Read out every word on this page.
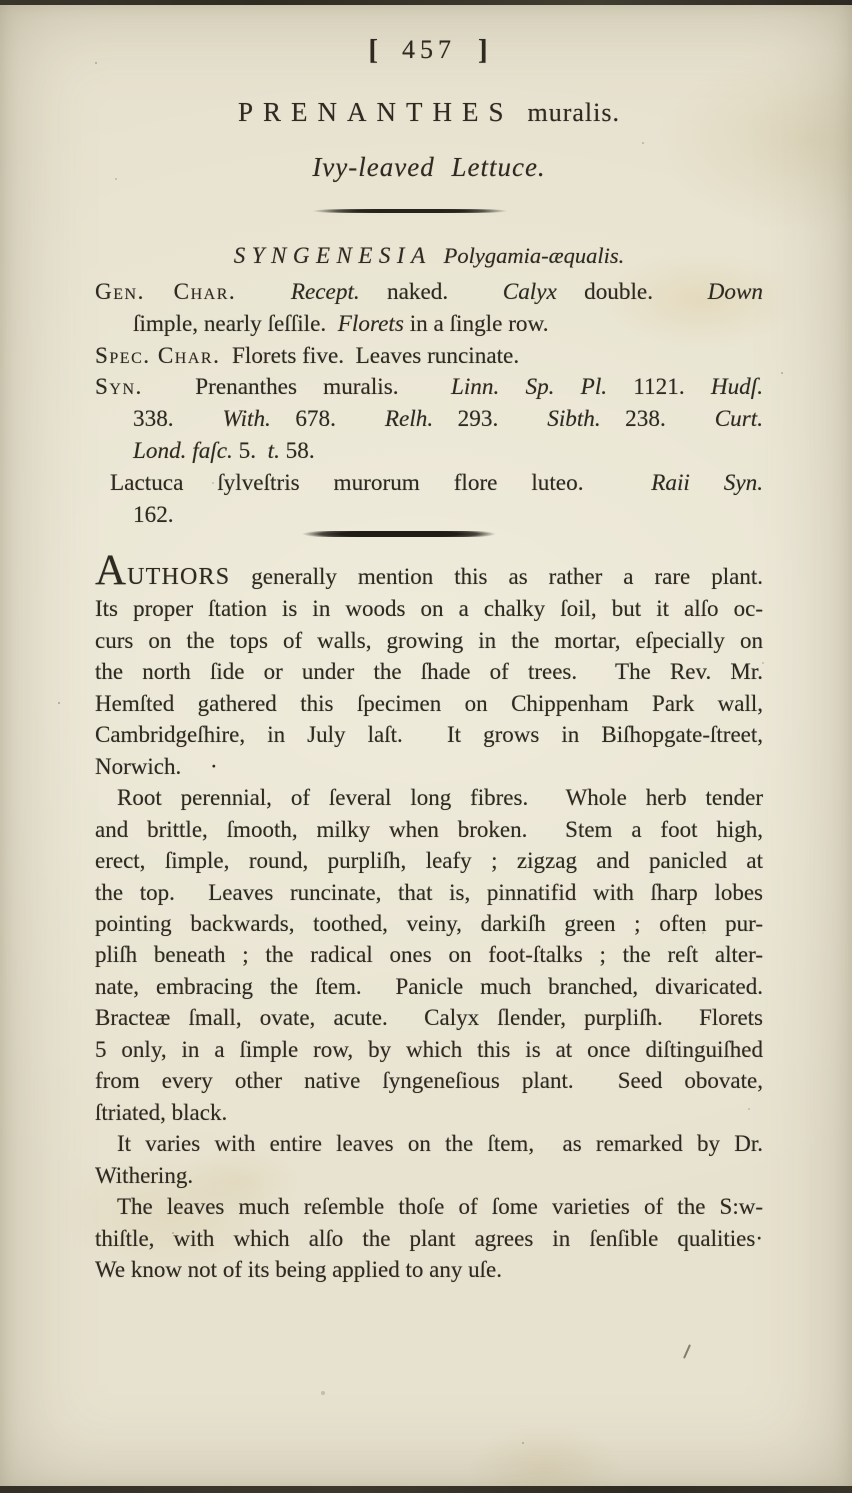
[ 457 ]
PRENANTHES muralis.
Ivy-leaved Lettuce.
SYNGENESIA Polygamia-æqualis.
Gen. Char. Recept. naked.  Calyx double.  Down
ſimple, nearly ſeſſile.  Florets in a ſingle row.
Spec. Char.  Florets five.  Leaves runcinate.
Syn.  Prenanthes muralis.  Linn. Sp. Pl. 1121. Hudſ.
338.  With. 678.  Relh. 293.  Sibth. 238.  Curt.
Lond. faſc. 5.  t. 58.
Lactuca ſylveſtris murorum flore luteo.  Raii Syn.
162.
AUTHORS generally mention this as rather a rare plant.
Its proper ſtation is in woods on a chalky ſoil, but it alſo oc-
curs on the tops of walls, growing in the mortar, eſpecially on
the north ſide or under the ſhade of trees.  The Rev. Mr.
Hemſted gathered this ſpecimen on Chippenham Park wall,
Cambridgeſhire, in July laſt.  It grows in Biſhopgate-ſtreet,
Norwich.     ·
Root perennial, of ſeveral long fibres.  Whole herb tender
and brittle, ſmooth, milky when broken.  Stem a foot high,
erect, ſimple, round, purpliſh, leafy ; zigzag and panicled at
the top.  Leaves runcinate, that is, pinnatifid with ſharp lobes
pointing backwards, toothed, veiny, darkiſh green ; often pur-
pliſh beneath ; the radical ones on foot-ſtalks ; the reſt alter-
nate, embracing the ſtem.  Panicle much branched, divaricated.
Bracteæ ſmall, ovate, acute.  Calyx ſlender, purpliſh.  Florets
5 only, in a ſimple row, by which this is at once diſtinguiſhed
from every other native ſyngeneſious plant.  Seed obovate,
ſtriated, black.
It varies with entire leaves on the ſtem,  as remarked by Dr.
Withering.
The leaves much reſemble thoſe of ſome varieties of the S:w-
thiſtle, with which alſo the plant agrees in ſenſible qualities·
We know not of its being applied to any uſe.
